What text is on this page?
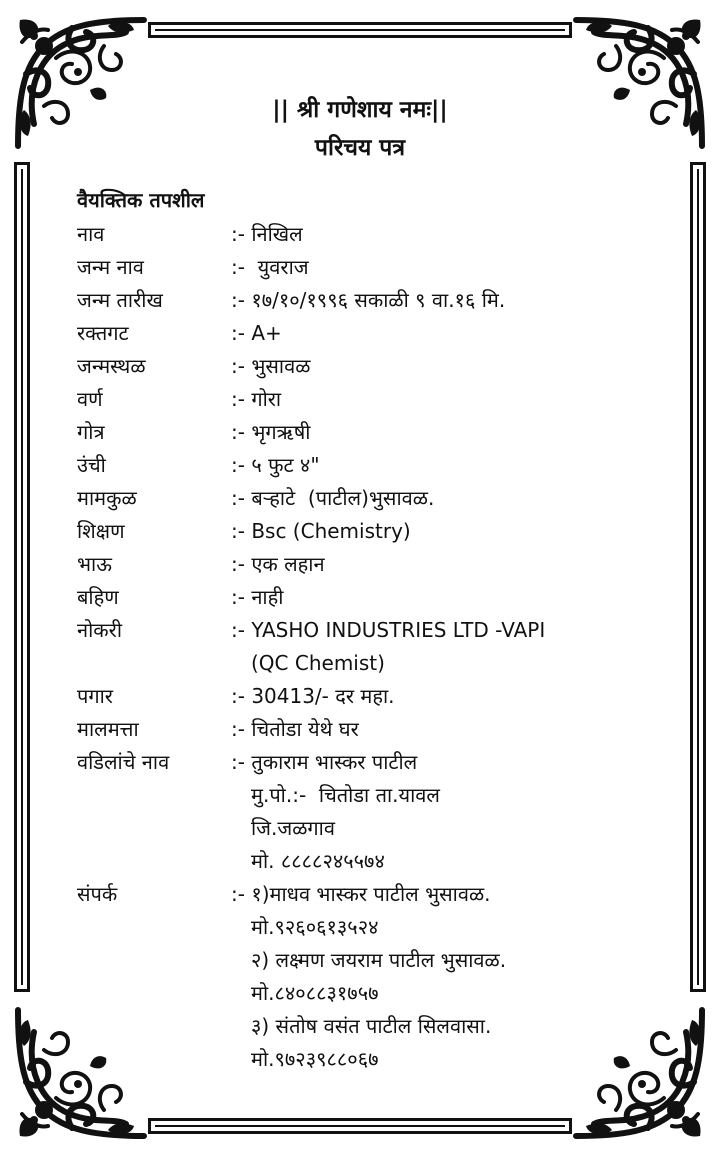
|| श्री गणेशाय नमः||
परिचय पत्र
वैयक्तिक तपशील
नाव	:- निखिल
जन्म नाव	:-  युवराज
जन्म तारीख	:- १७/१०/१९९६ सकाळी ९ वा.१६ मि.
रक्तगट	:- A+
जन्मस्थळ	:- भुसावळ
वर्ण	:- गोरा
गोत्र	:- भृगऋषी
उंची	:- ५ फुट ४"
मामकुळ	:- बऱ्हाटे  (पाटील)भुसावळ.
शिक्षण	:- Bsc (Chemistry)
भाऊ	:- एक लहान
बहिण	:- नाही
नोकरी	:- YASHO INDUSTRIES LTD -VAPI
(QC Chemist)
पगार	:- 30413/- दर महा.
मालमत्ता	:- चितोडा येथे घर
वडिलांचे नाव	:- तुकाराम भास्कर पाटील
मु.पो.:-  चितोडा ता.यावल
जि.जळगाव
मो. ८८८८२४५५७४
संपर्क	:- १)माधव भास्कर पाटील भुसावळ.
मो.९२६०६१३५२४
२) लक्ष्मण जयराम पाटील भुसावळ.
मो.८४०८८३१७५७
३) संतोष वसंत पाटील सिलवासा.
मो.९७२३९८८०६७
